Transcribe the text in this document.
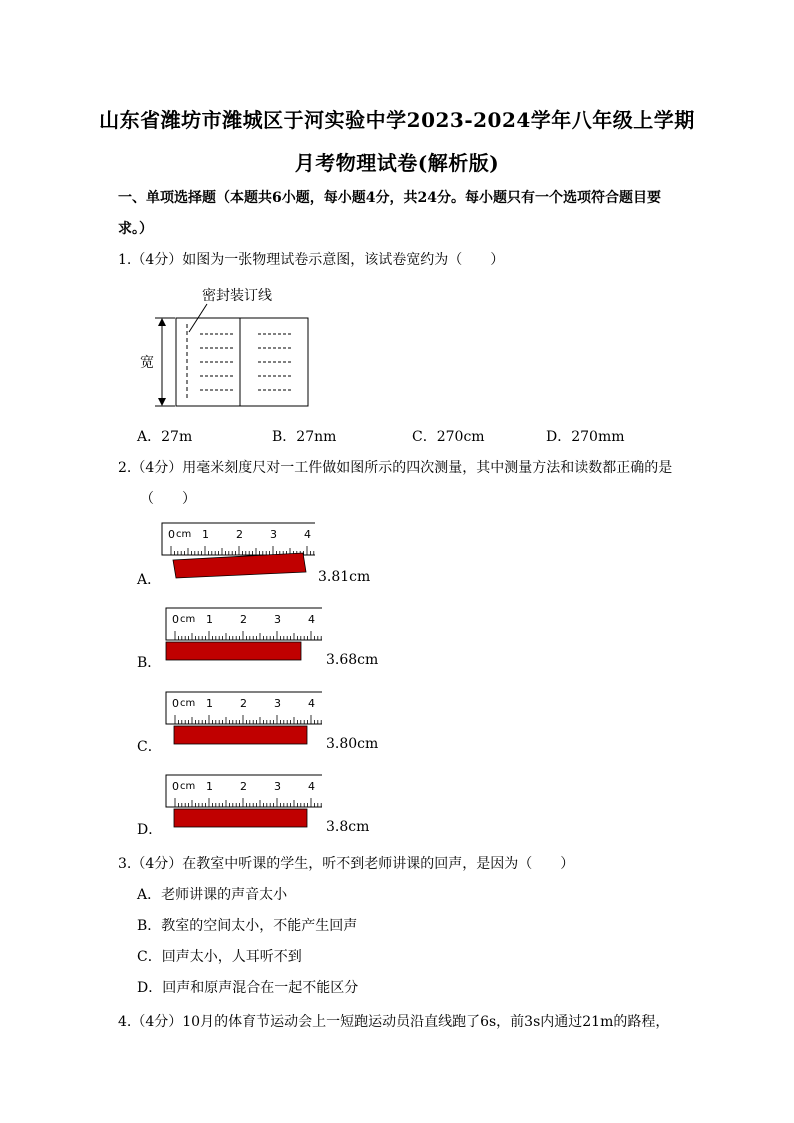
山东省潍坊市潍城区于河实验中学2023-2024学年八年级上学期
月考物理试卷(解析版)
一、单项选择题（本题共6小题，每小题4分，共24分。每小题只有一个选项符合题目要
求。）
1.（4分）如图为一张物理试卷示意图，该试卷宽约为（　　）
密封装订线
宽
A．27m	B．27nm	C．270cm	D．270mm
2.（4分）用毫米刻度尺对一工件做如图所示的四次测量，其中测量方法和读数都正确的是
（　　）
0 1 2 3 4
cm
A．	3.81cm
0 1 2 3 4
cm
B．	3.68cm
0 1 2 3 4
cm
C．	3.80cm
0 1 2 3 4
cm
D．	3.8cm
3.（4分）在教室中听课的学生，听不到老师讲课的回声，是因为（　　）
A．老师讲课的声音太小
B．教室的空间太小，不能产生回声
C．回声太小，人耳听不到
D．回声和原声混合在一起不能区分
4.（4分）10月的体育节运动会上一短跑运动员沿直线跑了6s，前3s内通过21m的路程，
